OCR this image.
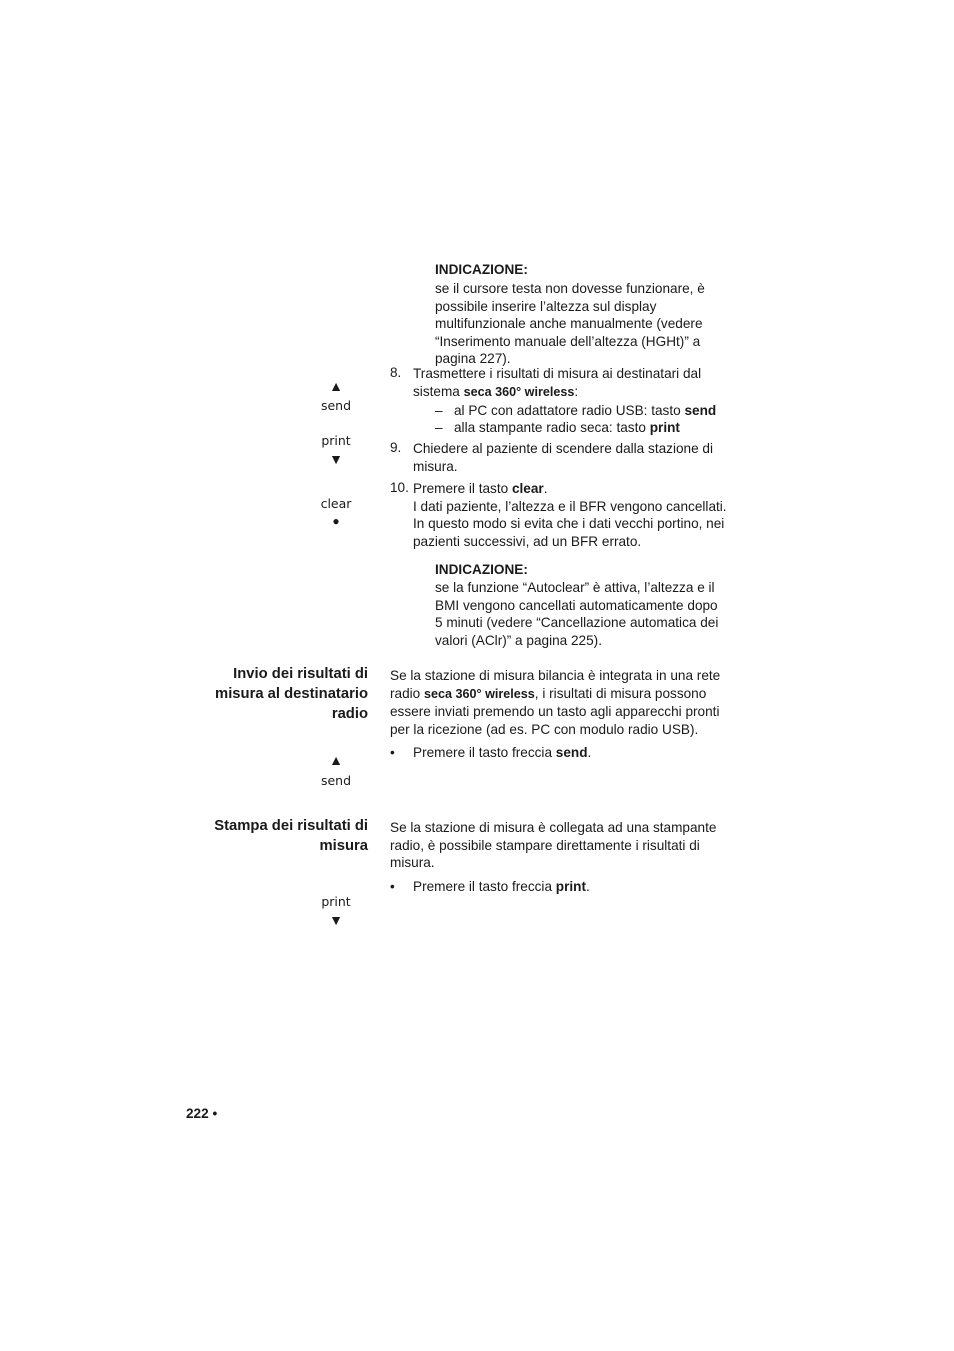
INDICAZIONE:
se il cursore testa non dovesse funzionare, è
possibile inserire l’altezza sul display
multifunzionale anche manualmente (vedere
“Inserimento manuale dell’altezza (HGHt)” a
pagina 227).
8. Trasmettere i risultati di misura ai destinatari dal
sistema seca 360° wireless:
– al PC con adattatore radio USB: tasto send
– alla stampante radio seca: tasto print
9. Chiedere al paziente di scendere dalla stazione di
misura.
10. Premere il tasto clear.
I dati paziente, l’altezza e il BFR vengono cancellati.
In questo modo si evita che i dati vecchi portino, nei
pazienti successivi, ad un BFR errato.
INDICAZIONE:
se la funzione “Autoclear” è attiva, l’altezza e il
BMI vengono cancellati automaticamente dopo
5 minuti (vedere “Cancellazione automatica dei
valori (AClr)” a pagina 225).
▲
send
print
▼
clear
●
Invio dei risultati di
misura al destinatario
radio
Se la stazione di misura bilancia è integrata in una rete
radio seca 360° wireless, i risultati di misura possono
essere inviati premendo un tasto agli apparecchi pronti
per la ricezione (ad es. PC con modulo radio USB).
• Premere il tasto freccia send.
▲
send
Stampa dei risultati di
misura
Se la stazione di misura è collegata ad una stampante
radio, è possibile stampare direttamente i risultati di
misura.
• Premere il tasto freccia print.
print
▼
222 •
